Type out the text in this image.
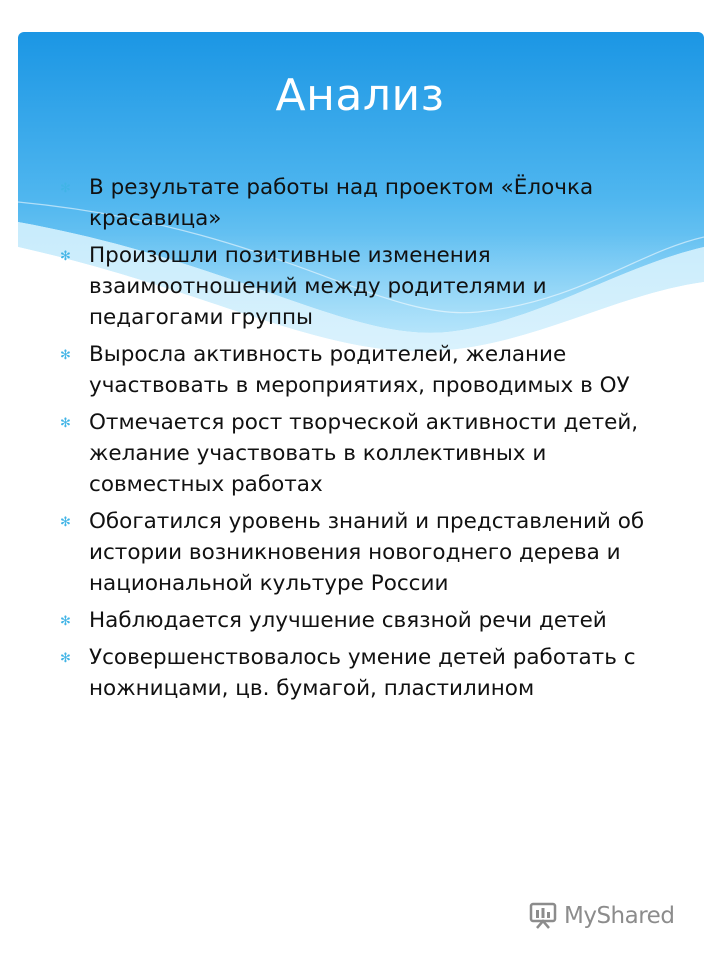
Анализ
✻ В результате работы над проектом «Ёлочка красавица»
✻ Произошли позитивные изменения взаимоотношений между родителями и педагогами группы
✻ Выросла активность родителей, желание участвовать в мероприятиях, проводимых в ОУ
✻ Отмечается рост творческой активности детей, желание участвовать в коллективных и совместных работах
✻ Обогатился уровень знаний и представлений об истории возникновения новогоднего дерева и национальной культуре России
✻ Наблюдается улучшение связной речи детей
✻ Усовершенствовалось умение детей работать с ножницами, цв. бумагой, пластилином
MyShared
